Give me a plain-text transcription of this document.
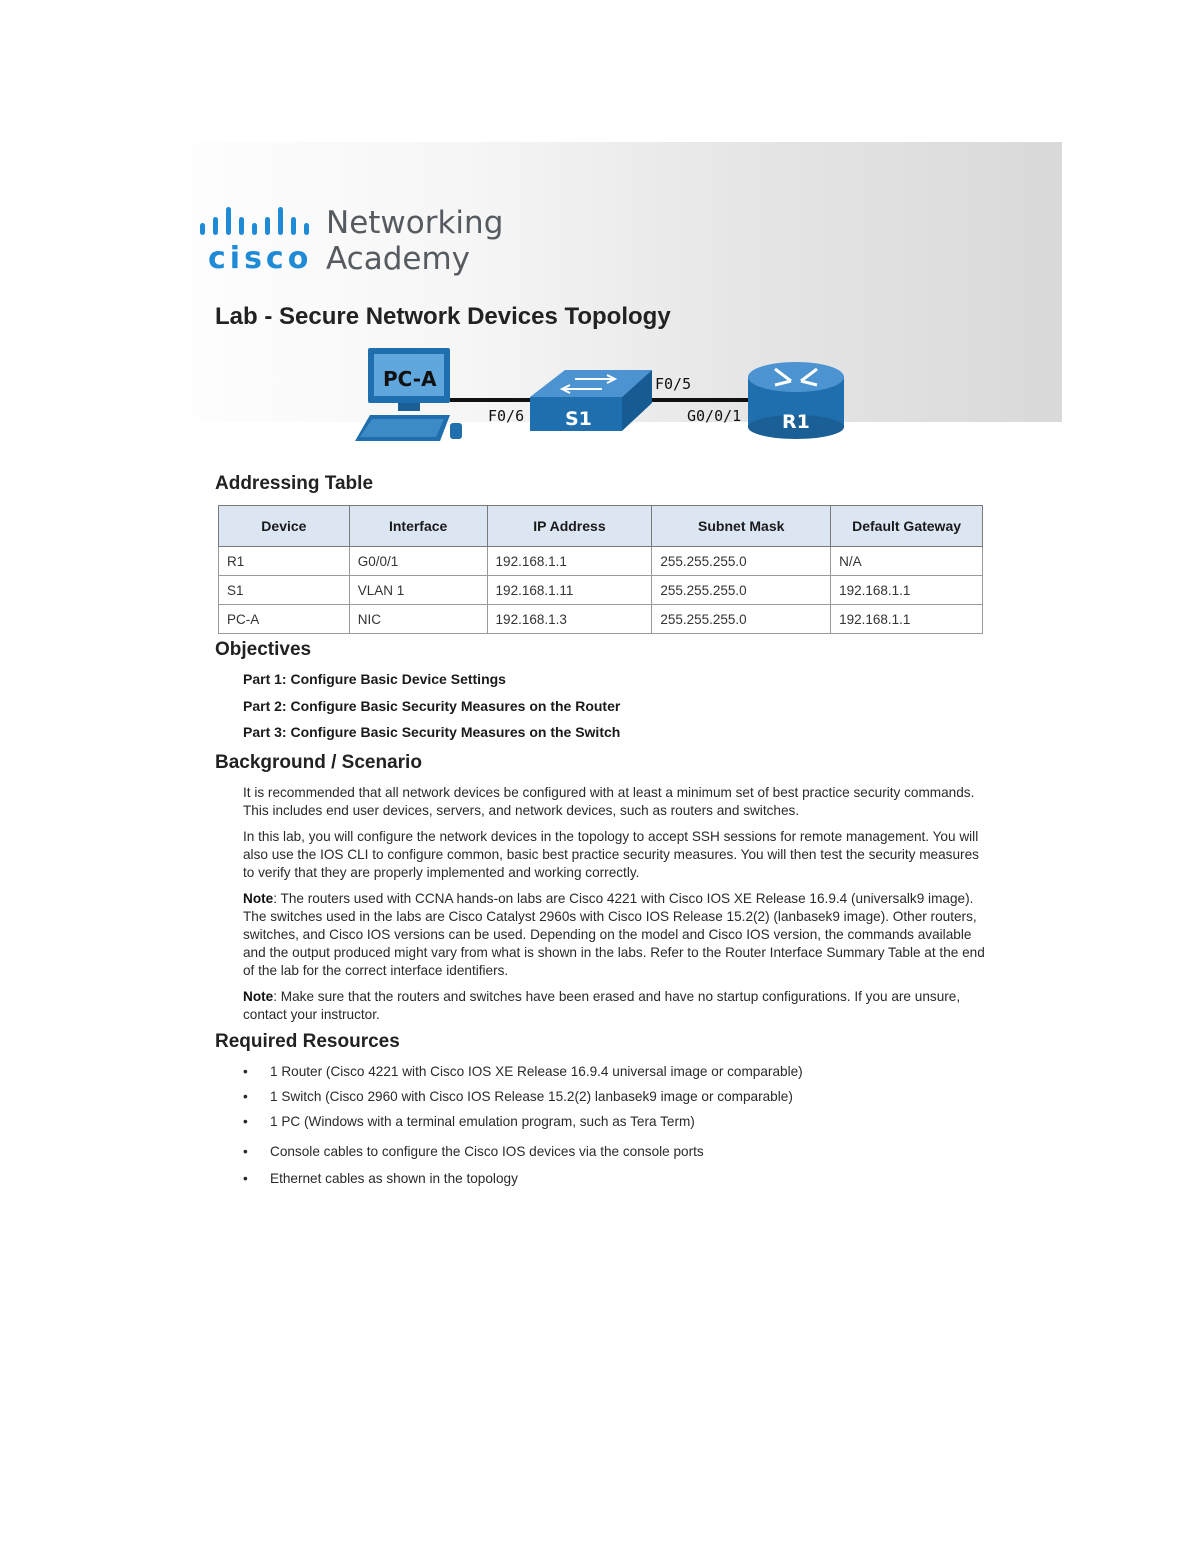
cisco
Networking
Academy
Lab - Secure Network Devices Topology
PC-A
S1	R1
F0/6
F0/5
G0/0/1
Addressing Table
Device	Interface	IP Address	Subnet Mask	Default Gateway
R1	G0/0/1	192.168.1.1	255.255.255.0	N/A
S1	VLAN 1	192.168.1.11	255.255.255.0	192.168.1.1
PC-A	NIC	192.168.1.3	255.255.255.0	192.168.1.1
Objectives

Part 1: Configure Basic Device Settings

Part 2: Configure Basic Security Measures on the Router

Part 3: Configure Basic Security Measures on the Switch

Background / Scenario

It is recommended that all network devices be configured with at least a minimum set of best practice security commands. This includes end user devices, servers, and network devices, such as routers and switches.

In this lab, you will configure the network devices in the topology to accept SSH sessions for remote management. You will also use the IOS CLI to configure common, basic best practice security measures. You will then test the security measures to verify that they are properly implemented and working correctly.

Note: The routers used with CCNA hands-on labs are Cisco 4221 with Cisco IOS XE Release 16.9.4 (universalk9 image). The switches used in the labs are Cisco Catalyst 2960s with Cisco IOS Release 15.2(2) (lanbasek9 image). Other routers, switches, and Cisco IOS versions can be used. Depending on the model and Cisco IOS version, the commands available and the output produced might vary from what is shown in the labs. Refer to the Router Interface Summary Table at the end of the lab for the correct interface identifiers.

Note: Make sure that the routers and switches have been erased and have no startup configurations. If you are unsure, contact your instructor.

Required Resources

• 1 Router (Cisco 4221 with Cisco IOS XE Release 16.9.4 universal image or comparable)

• 1 Switch (Cisco 2960 with Cisco IOS Release 15.2(2) lanbasek9 image or comparable)

• 1 PC (Windows with a terminal emulation program, such as Tera Term)

• Console cables to configure the Cisco IOS devices via the console ports

• Ethernet cables as shown in the topology
